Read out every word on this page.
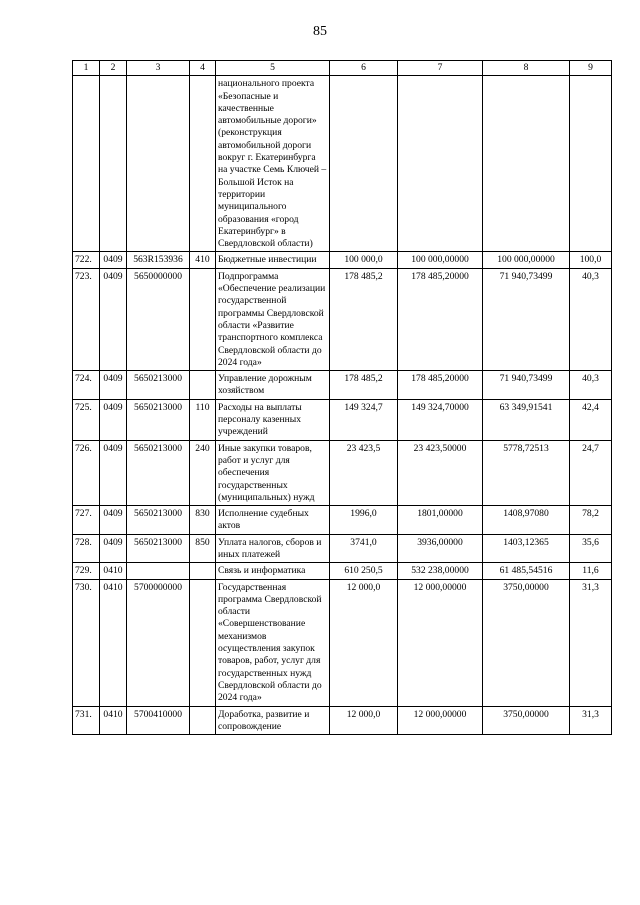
85
1	2	3	4	5	6	7	8	9
				национального проекта «Безопасные и качественные автомобильные дороги» (реконструкция автомобильной дороги вокруг г. Екатеринбурга на участке Семь Ключей – Большой Исток на территории муниципального образования «город Екатеринбург» в Свердловской области)				
722.	0409	563R153936	410	Бюджетные инвестиции	100 000,0	100 000,00000	100 000,00000	100,0
723.	0409	5650000000		Подпрограмма «Обеспечение реализации государственной программы Свердловской области «Развитие транспортного комплекса Свердловской области до 2024 года»	178 485,2	178 485,20000	71 940,73499	40,3
724.	0409	5650213000		Управление дорожным хозяйством	178 485,2	178 485,20000	71 940,73499	40,3
725.	0409	5650213000	110	Расходы на выплаты персоналу казенных учреждений	149 324,7	149 324,70000	63 349,91541	42,4
726.	0409	5650213000	240	Иные закупки товаров, работ и услуг для обеспечения государственных (муниципальных) нужд	23 423,5	23 423,50000	5778,72513	24,7
727.	0409	5650213000	830	Исполнение судебных актов	1996,0	1801,00000	1408,97080	78,2
728.	0409	5650213000	850	Уплата налогов, сборов и иных платежей	3741,0	3936,00000	1403,12365	35,6
729.	0410			Связь и информатика	610 250,5	532 238,00000	61 485,54516	11,6
730.	0410	5700000000		Государственная программа Свердловской области «Совершенствование механизмов осуществления закупок товаров, работ, услуг для государственных нужд Свердловской области до 2024 года»	12 000,0	12 000,00000	3750,00000	31,3
731.	0410	5700410000		Доработка, развитие и сопровождение	12 000,0	12 000,00000	3750,00000	31,3
